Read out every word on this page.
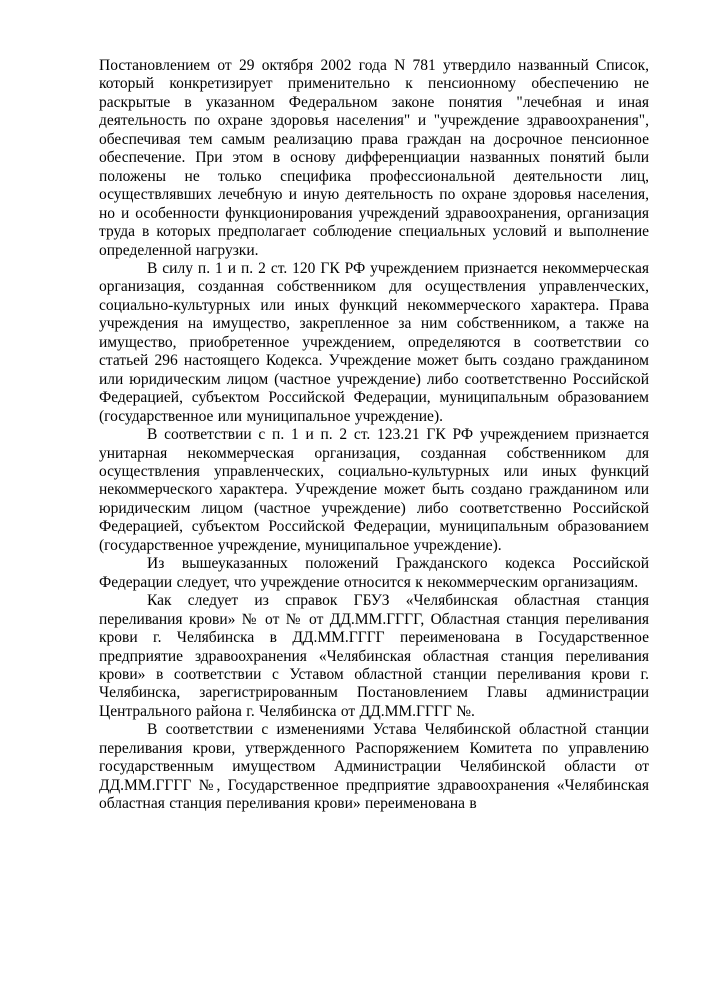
Постановлением от 29 октября 2002 года N 781 утвердило названный Список, который конкретизирует применительно к пенсионному обеспечению не раскрытые в указанном Федеральном законе понятия "лечебная и иная деятельность по охране здоровья населения" и "учреждение здравоохранения", обеспечивая тем самым реализацию права граждан на досрочное пенсионное обеспечение. При этом в основу дифференциации названных понятий были положены не только специфика профессиональной деятельности лиц, осуществлявших лечебную и иную деятельность по охране здоровья населения, но и особенности функционирования учреждений здравоохранения, организация труда в которых предполагает соблюдение специальных условий и выполнение определенной нагрузки.

В силу п. 1 и п. 2 ст. 120 ГК РФ учреждением признается некоммерческая организация, созданная собственником для осуществления управленческих, социально-культурных или иных функций некоммерческого характера. Права учреждения на имущество, закрепленное за ним собственником, а также на имущество, приобретенное учреждением, определяются в соответствии со статьей 296 настоящего Кодекса. Учреждение может быть создано гражданином или юридическим лицом (частное учреждение) либо соответственно Российской Федерацией, субъектом Российской Федерации, муниципальным образованием (государственное или муниципальное учреждение).

В соответствии с п. 1 и п. 2 ст. 123.21 ГК РФ учреждением признается унитарная некоммерческая организация, созданная собственником для осуществления управленческих, социально-культурных или иных функций некоммерческого характера. Учреждение может быть создано гражданином или юридическим лицом (частное учреждение) либо соответственно Российской Федерацией, субъектом Российской Федерации, муниципальным образованием (государственное учреждение, муниципальное учреждение).

Из вышеуказанных положений Гражданского кодекса Российской Федерации следует, что учреждение относится к некоммерческим организациям.

Как следует из справок ГБУЗ «Челябинская областная станция переливания крови» № от № от ДД.ММ.ГГГГ, Областная станция переливания крови г. Челябинска в ДД.ММ.ГГГГ переименована в Государственное предприятие здравоохранения «Челябинская областная станция переливания крови» в соответствии с Уставом областной станции переливания крови г. Челябинска, зарегистрированным Постановлением Главы администрации Центрального района г. Челябинска от ДД.ММ.ГГГГ №.

В соответствии с изменениями Устава Челябинской областной станции переливания крови, утвержденного Распоряжением Комитета по управлению государственным имуществом Администрации Челябинской области от ДД.ММ.ГГГГ №, Государственное предприятие здравоохранения «Челябинская областная станция переливания крови» переименована в
